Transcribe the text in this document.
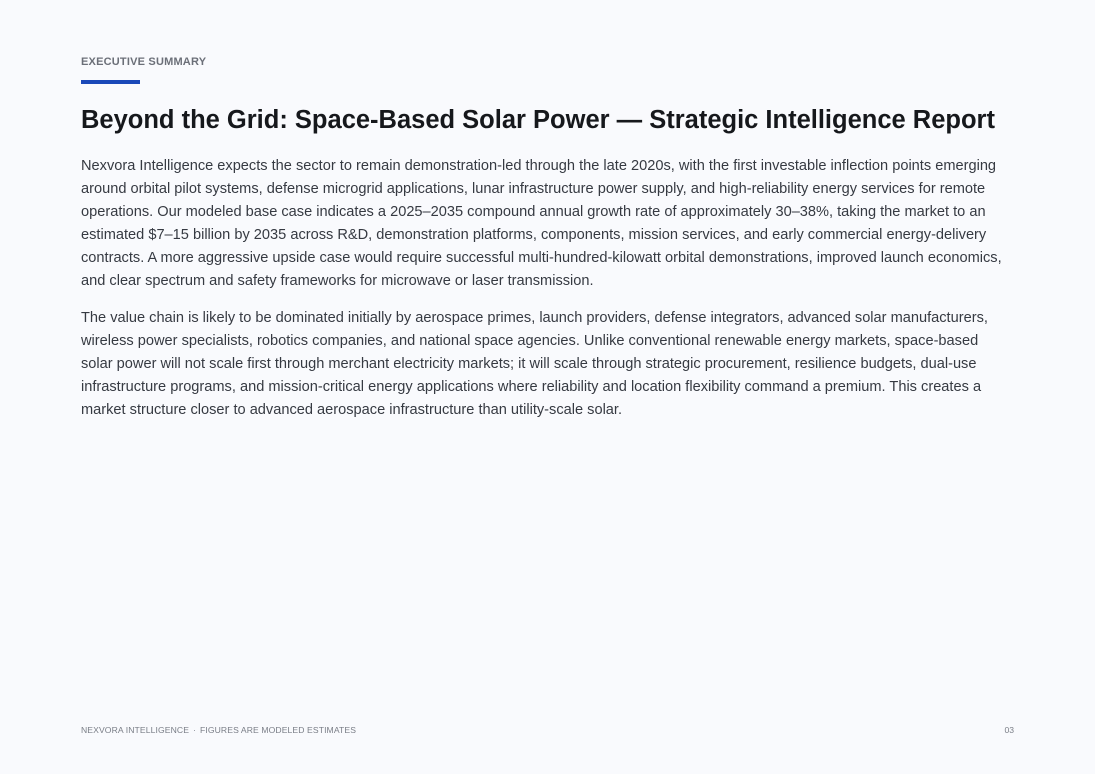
EXECUTIVE SUMMARY
Beyond the Grid: Space-Based Solar Power — Strategic Intelligence Report

Nexvora Intelligence expects the sector to remain demonstration-led through the late 2020s, with the first investable inflection points emerging around orbital pilot systems, defense microgrid applications, lunar infrastructure power supply, and high-reliability energy services for remote operations. Our modeled base case indicates a 2025–2035 compound annual growth rate of approximately 30–38%, taking the market to an estimated $7–15 billion by 2035 across R&D, demonstration platforms, components, mission services, and early commercial energy-delivery contracts. A more aggressive upside case would require successful multi-hundred-kilowatt orbital demonstrations, improved launch economics, and clear spectrum and safety frameworks for microwave or laser transmission.

The value chain is likely to be dominated initially by aerospace primes, launch providers, defense integrators, advanced solar manufacturers, wireless power specialists, robotics companies, and national space agencies. Unlike conventional renewable energy markets, space-based solar power will not scale first through merchant electricity markets; it will scale through strategic procurement, resilience budgets, dual-use infrastructure programs, and mission-critical energy applications where reliability and location flexibility command a premium. This creates a market structure closer to advanced aerospace infrastructure than utility-scale solar.

NEXVORA INTELLIGENCE · FIGURES ARE MODELED ESTIMATES	03
